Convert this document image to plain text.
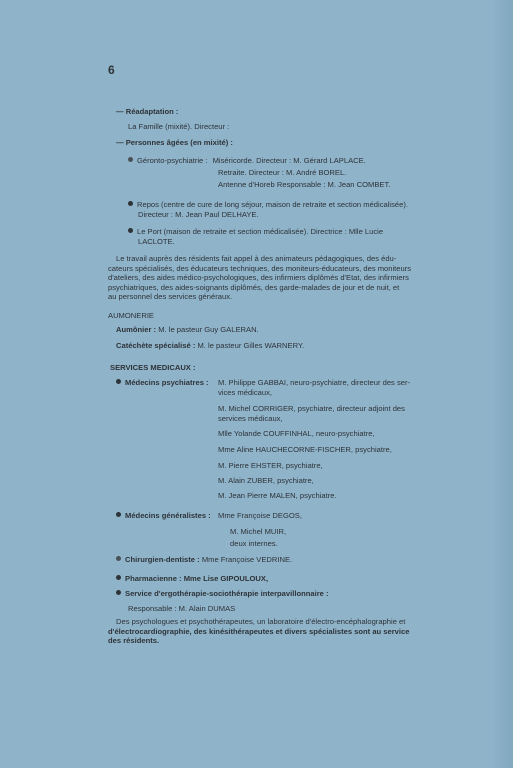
6
— Réadaptation :
La Famille (mixité). Directeur :
— Personnes âgées (en mixité) :
Géronto-psychiatrie : Miséricorde. Directeur : M. Gérard LAPLACE.
Retraite. Directeur : M. André BOREL.
Antenne d'Horeb Responsable : M. Jean COMBET.
Repos (centre de cure de long séjour, maison de retraite et section médicalisée).
Directeur : M. Jean Paul DELHAYE.
Le Port (maison de retraite et section médicalisée). Directrice : Mlle Lucie
LACLOTE.
Le travail auprès des résidents fait appel à des animateurs pédagogiques, des édu-
cateurs spécialisés, des éducateurs techniques, des moniteurs-éducateurs, des moniteurs
d'ateliers, des aides médico-psychologiques, des infirmiers diplômés d'Etat, des infirmiers
psychiatriques, des aides-soignants diplômés, des garde-malades de jour et de nuit, et
au personnel des services généraux.
AUMONERIE
Aumônier : M. le pasteur Guy GALERAN.
Catéchète spécialisé : M. le pasteur Gilles WARNERY.
SERVICES MEDICAUX :
Médecins psychiatres : M. Philippe GABBAI, neuro-psychiatre, directeur des ser-
vices médicaux,
M. Michel CORRIGER, psychiatre, directeur adjoint des
services médicaux,
Mlle Yolande COUFFINHAL, neuro-psychiatre,
Mme Aline HAUCHECORNE-FISCHER, psychiatre,
M. Pierre EHSTER, psychiatre,
M. Alain ZUBER, psychiatre,
M. Jean Pierre MALEN, psychiatre.
Médecins généralistes : Mme Françoise DEGOS,
M. Michel MUIR,
deux internes.
Chirurgien-dentiste : Mme Françoise VEDRINE.
Pharmacienne : Mme Lise GIPOULOUX,
Service d'ergothérapie-sociothérapie interpavillonnaire :
Responsable : M. Alain DUMAS
Des psychologues et psychothérapeutes, un laboratoire d'électro-encéphalographie et
d'électrocardiographie, des kinésithérapeutes et divers spécialistes sont au service
des résidents.
